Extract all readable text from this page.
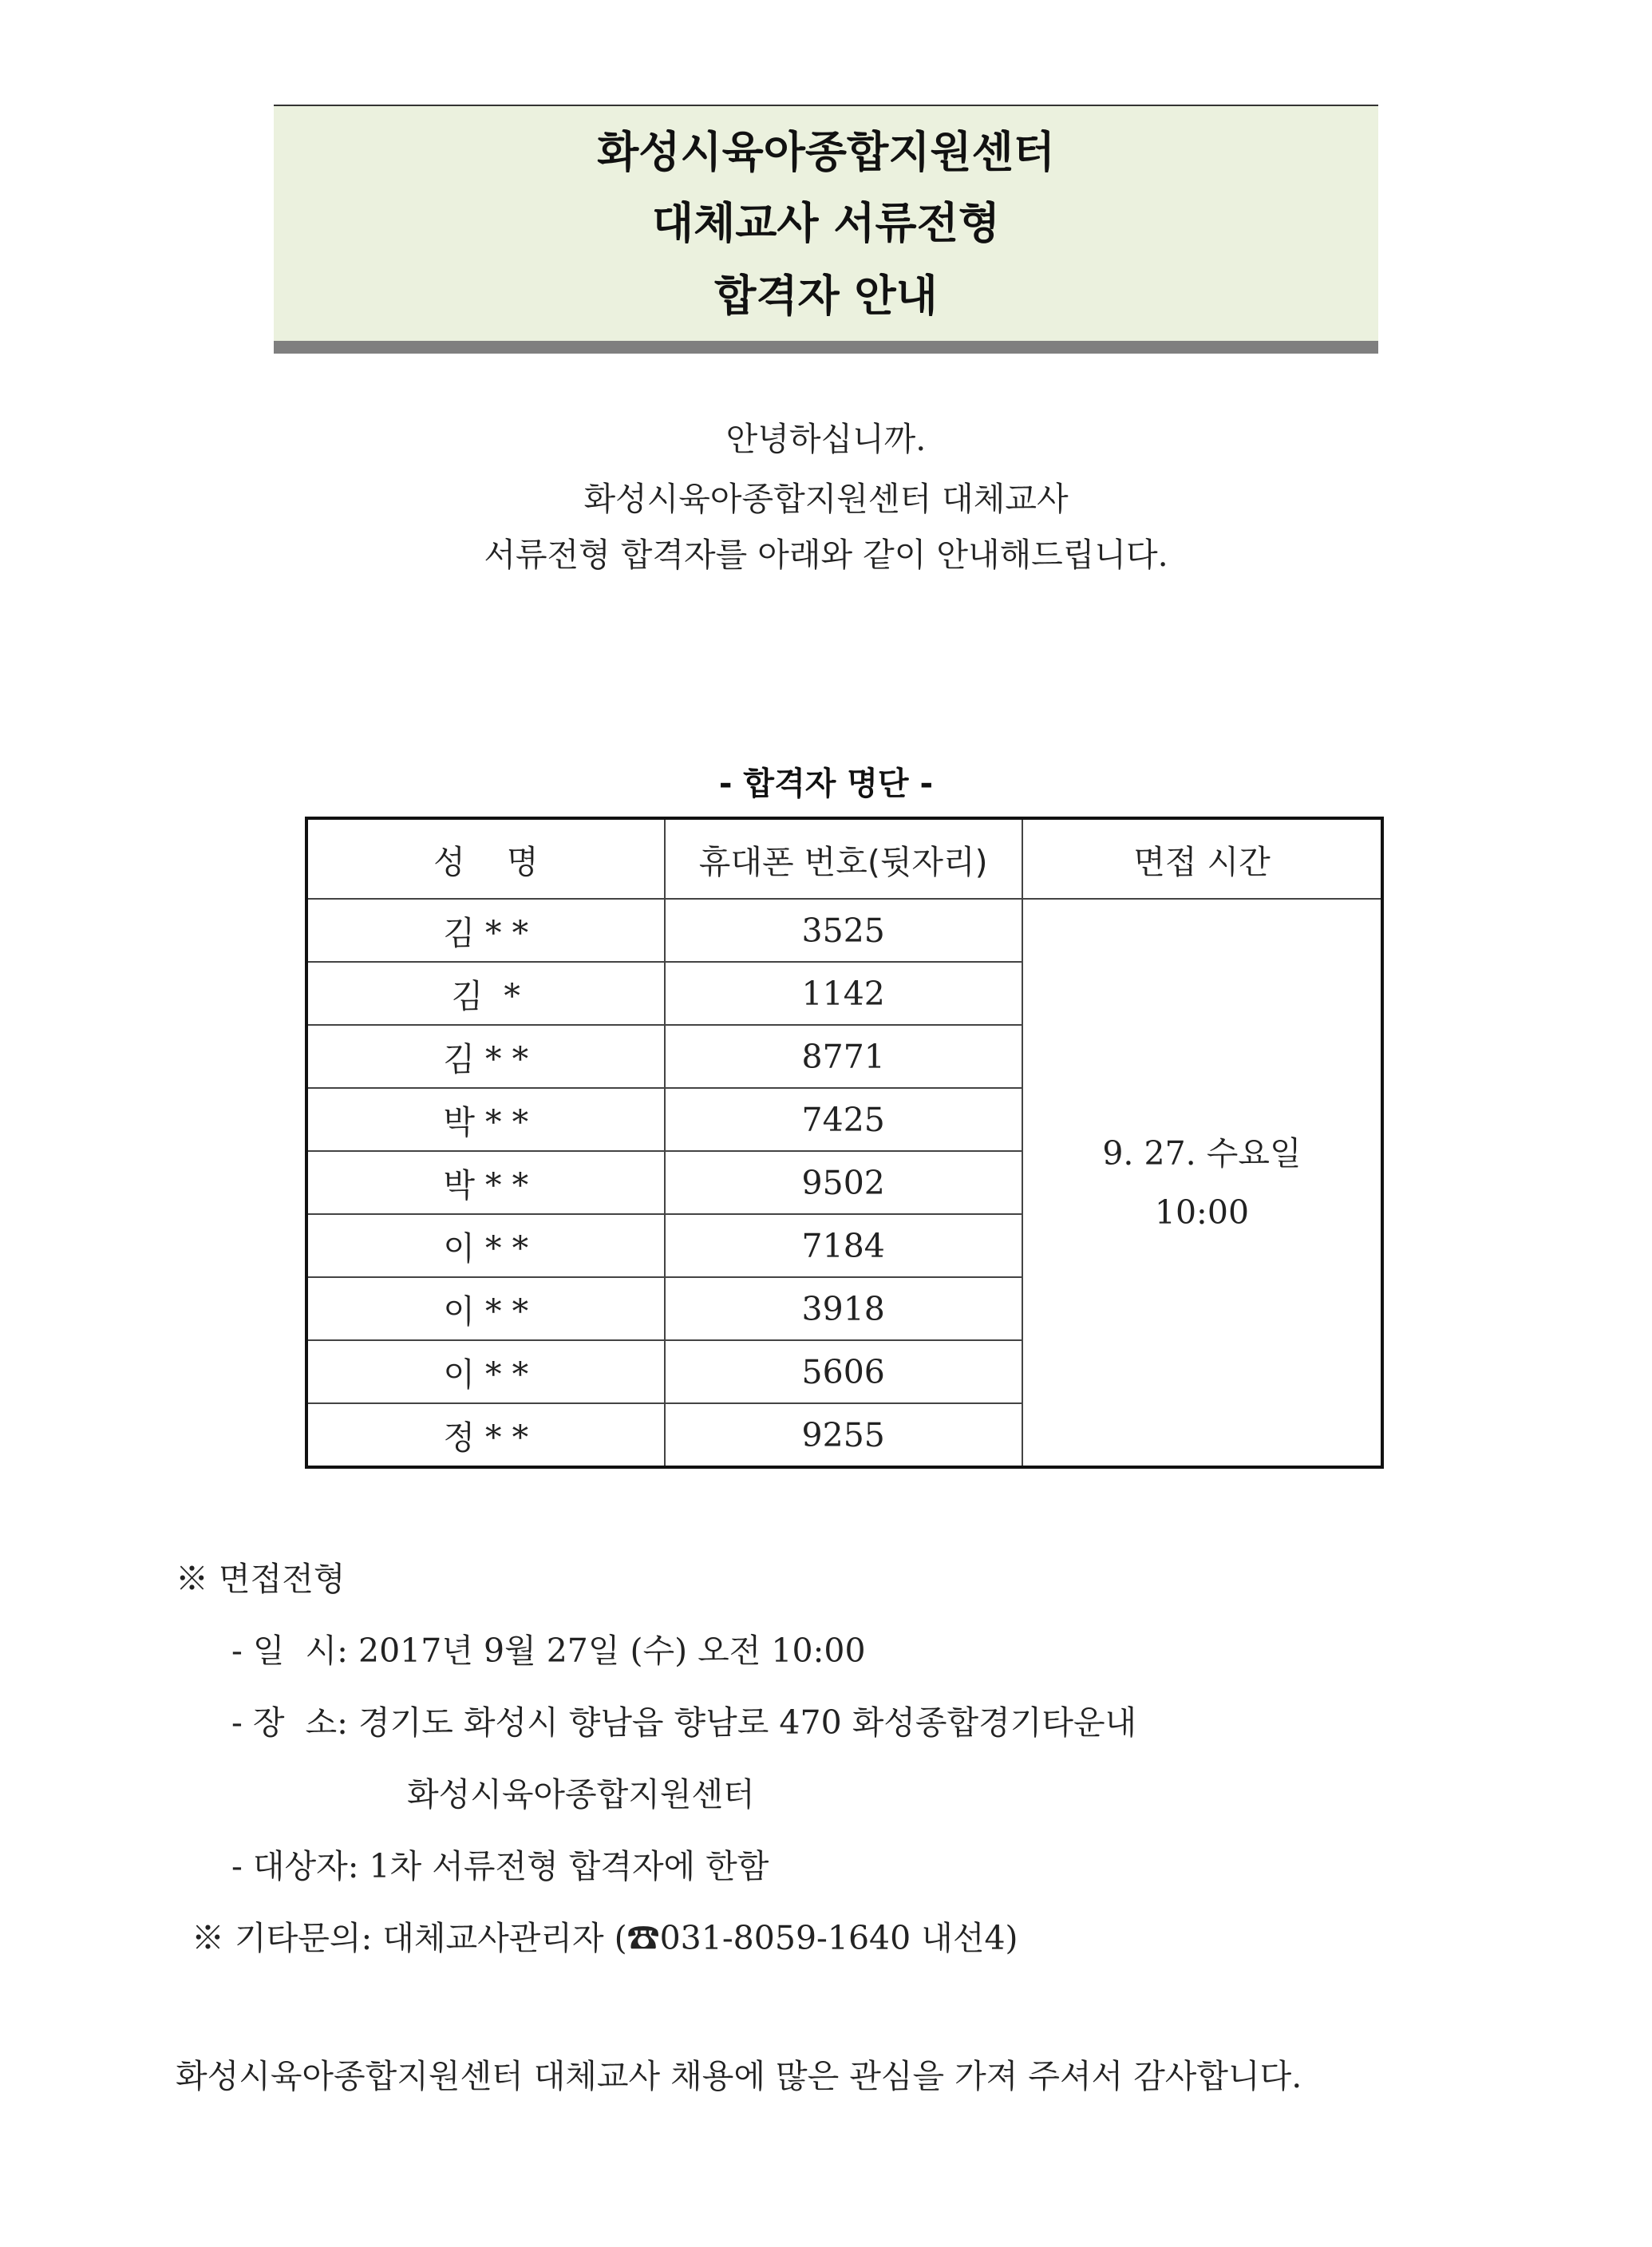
화성시육아종합지원센터
대체교사 서류전형
합격자 안내
안녕하십니까.
화성시육아종합지원센터 대체교사
서류전형 합격자를 아래와 같이 안내해드립니다.
- 합격자 명단 -
성    명	휴대폰 번호(뒷자리)	면접 시간
김 * *	3525	9. 27. 수요일
10:00

김  *	1142	
김 * *	8771	
박 * *	7425	
박 * *	9502	
이 * *	7184	
이 * *	3918	
이 * *	5606	
정 * *	9255	
※ 면접전형
- 일  시: 2017년 9월 27일 (수) 오전 10:00
- 장  소: 경기도 화성시 향남읍 향남로 470 화성종합경기타운내
화성시육아종합지원센터
- 대상자: 1차 서류전형 합격자에 한함
※ 기타문의: 대체교사관리자 (☎031-8059-1640 내선4)
화성시육아종합지원센터 대체교사 채용에 많은 관심을 가져 주셔서 감사합니다.
